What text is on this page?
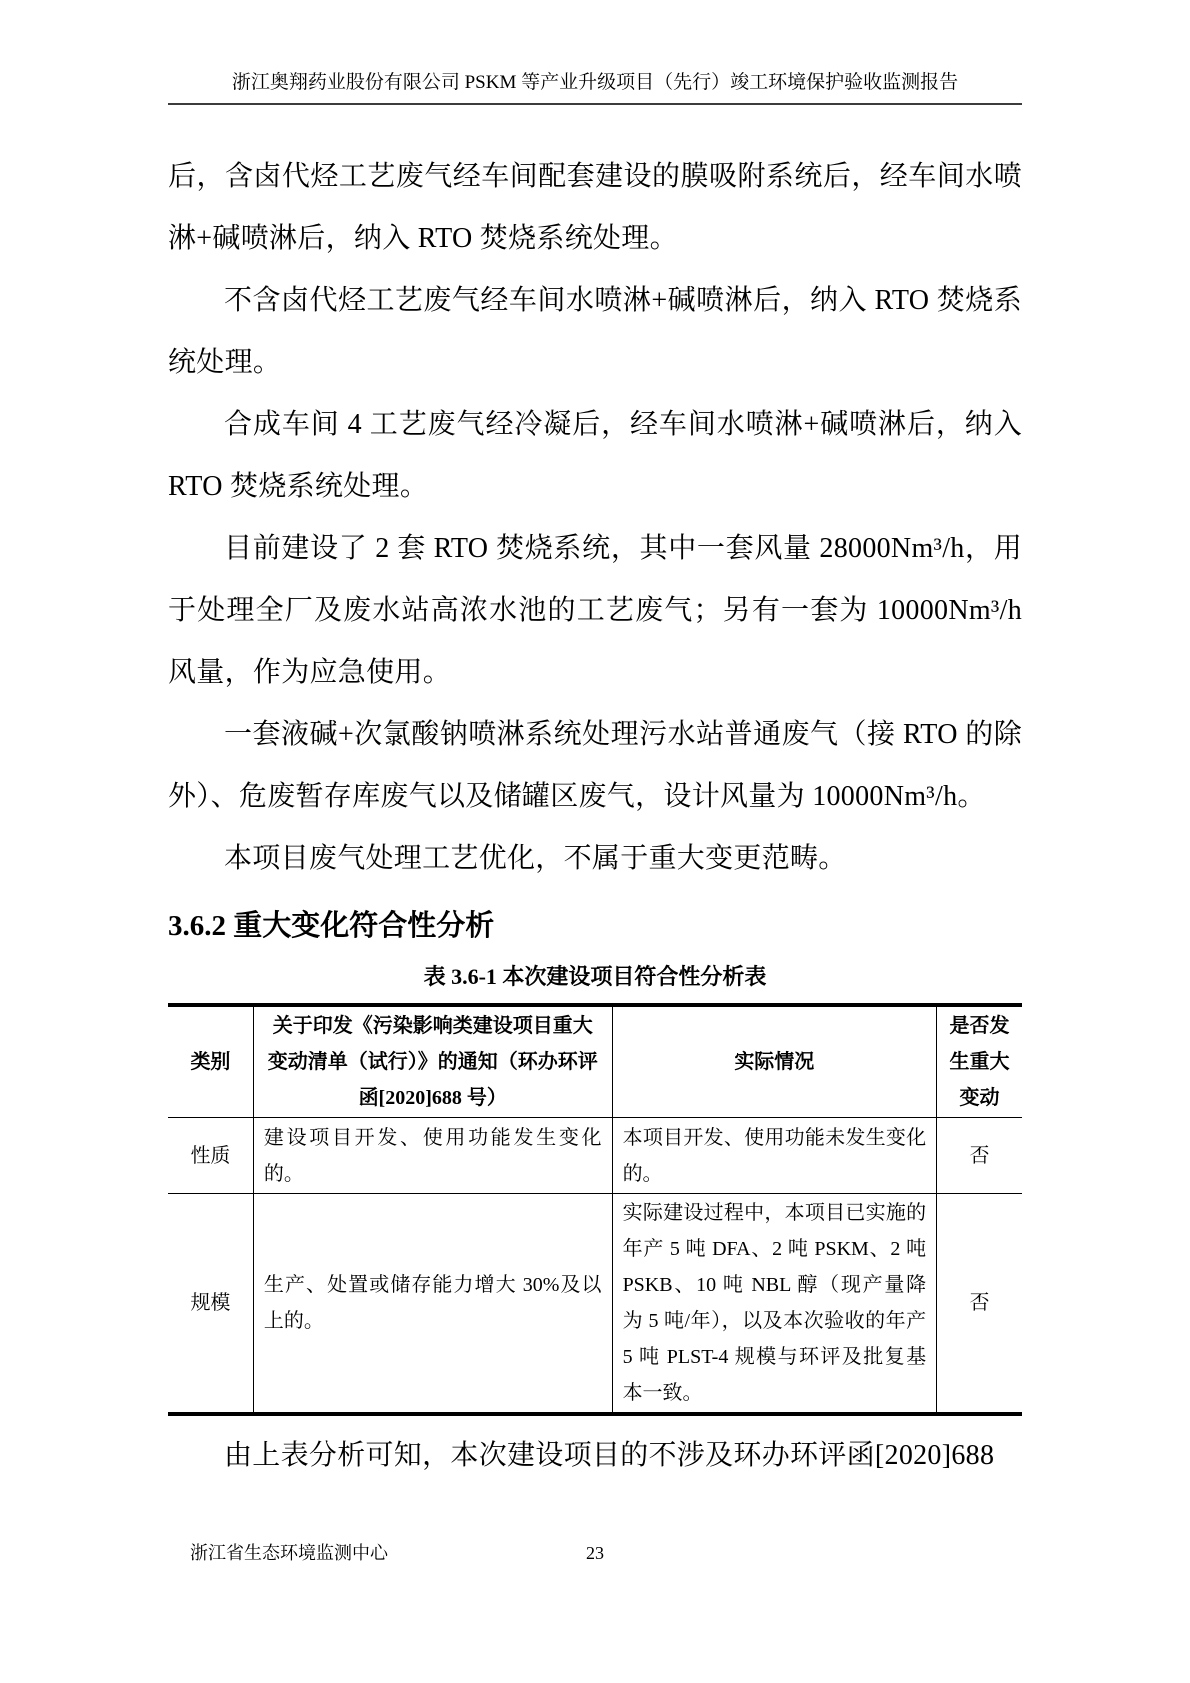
浙江奥翔药业股份有限公司 PSKM 等产业升级项目（先行）竣工环境保护验收监测报告

后，含卤代烃工艺废气经车间配套建设的膜吸附系统后，经车间水喷淋+碱喷淋后，纳入 RTO 焚烧系统处理。

不含卤代烃工艺废气经车间水喷淋+碱喷淋后，纳入 RTO 焚烧系统处理。

合成车间 4 工艺废气经冷凝后，经车间水喷淋+碱喷淋后，纳入 RTO 焚烧系统处理。

目前建设了 2 套 RTO 焚烧系统，其中一套风量 28000Nm³/h，用于处理全厂及废水站高浓水池的工艺废气；另有一套为 10000Nm³/h 风量，作为应急使用。

一套液碱+次氯酸钠喷淋系统处理污水站普通废气（接 RTO 的除外）、危废暂存库废气以及储罐区废气，设计风量为 10000Nm³/h。

本项目废气处理工艺优化，不属于重大变更范畴。

3.6.2 重大变化符合性分析
表 3.6-1 本次建设项目符合性分析表
类别	关于印发《污染影响类建设项目重大变动清单（试行）》的通知（环办环评函[2020]688 号）	实际情况	是否发生重大变动
性质	建设项目开发、使用功能发生变化的。	本项目开发、使用功能未发生变化的。	否
规模	生产、处置或储存能力增大 30%及以上的。	实际建设过程中，本项目已实施的年产 5 吨 DFA、2 吨 PSKM、2 吨 PSKB、10 吨 NBL 醇（现产量降为 5 吨/年），以及本次验收的年产 5 吨 PLST-4 规模与环评及批复基本一致。	否

由上表分析可知，本次建设项目的不涉及环办环评函[2020]688

23
浙江省生态环境监测中心
